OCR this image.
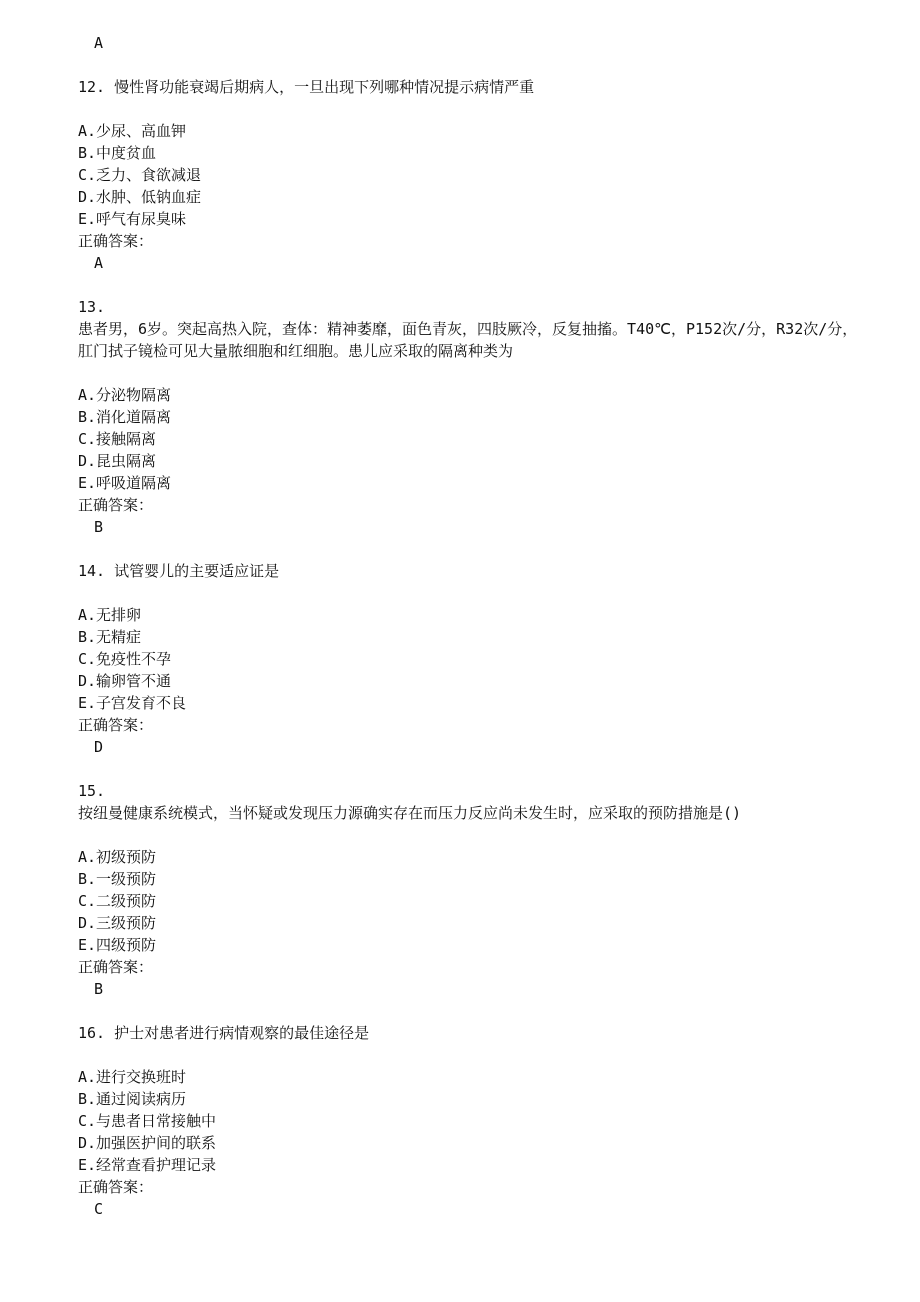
A
12. 慢性肾功能衰竭后期病人，一旦出现下列哪种情况提示病情严重
A.少尿、高血钾
B.中度贫血
C.乏力、食欲减退
D.水肿、低钠血症
E.呼气有尿臭味
正确答案：
A
13.
患者男，6岁。突起高热入院，查体：精神萎靡，面色青灰，四肢厥冷，反复抽搐。T40℃，P152次/分，R32次/分，肛门拭子镜检可见大量脓细胞和红细胞。患儿应采取的隔离种类为
A.分泌物隔离
B.消化道隔离
C.接触隔离
D.昆虫隔离
E.呼吸道隔离
正确答案：
B
14. 试管婴儿的主要适应证是
A.无排卵
B.无精症
C.免疫性不孕
D.输卵管不通
E.子宫发育不良
正确答案：
D
15.
按纽曼健康系统模式，当怀疑或发现压力源确实存在而压力反应尚未发生时，应采取的预防措施是()
A.初级预防
B.一级预防
C.二级预防
D.三级预防
E.四级预防
正确答案：
B
16. 护士对患者进行病情观察的最佳途径是
A.进行交换班时
B.通过阅读病历
C.与患者日常接触中
D.加强医护间的联系
E.经常查看护理记录
正确答案：
C
